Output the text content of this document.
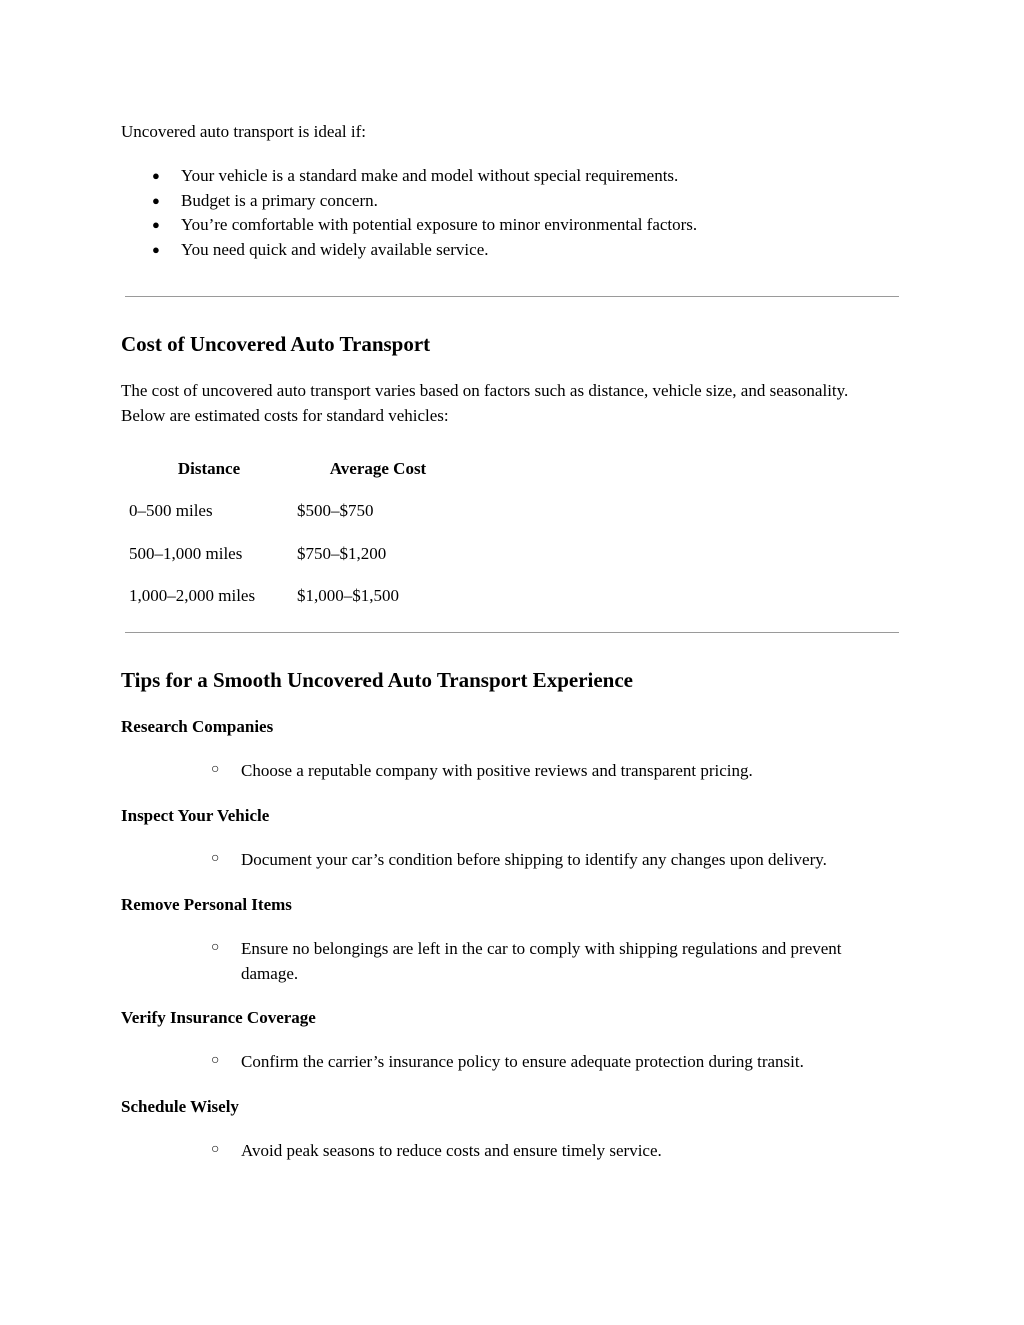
Uncovered auto transport is ideal if:

● Your vehicle is a standard make and model without special requirements.
● Budget is a primary concern.
● You’re comfortable with potential exposure to minor environmental factors.
● You need quick and widely available service.
Cost of Uncovered Auto Transport

The cost of uncovered auto transport varies based on factors such as distance, vehicle size, and seasonality. Below are estimated costs for standard vehicles:

Distance	Average Cost
0–500 miles	$500–$750
500–1,000 miles	$750–$1,200
1,000–2,000 miles	$1,000–$1,500
Tips for a Smooth Uncovered Auto Transport Experience
Research Companies
○ Choose a reputable company with positive reviews and transparent pricing.
Inspect Your Vehicle
○ Document your car’s condition before shipping to identify any changes upon delivery.
Remove Personal Items
○ Ensure no belongings are left in the car to comply with shipping regulations and prevent damage.
Verify Insurance Coverage
○ Confirm the carrier’s insurance policy to ensure adequate protection during transit.
Schedule Wisely
○ Avoid peak seasons to reduce costs and ensure timely service.
